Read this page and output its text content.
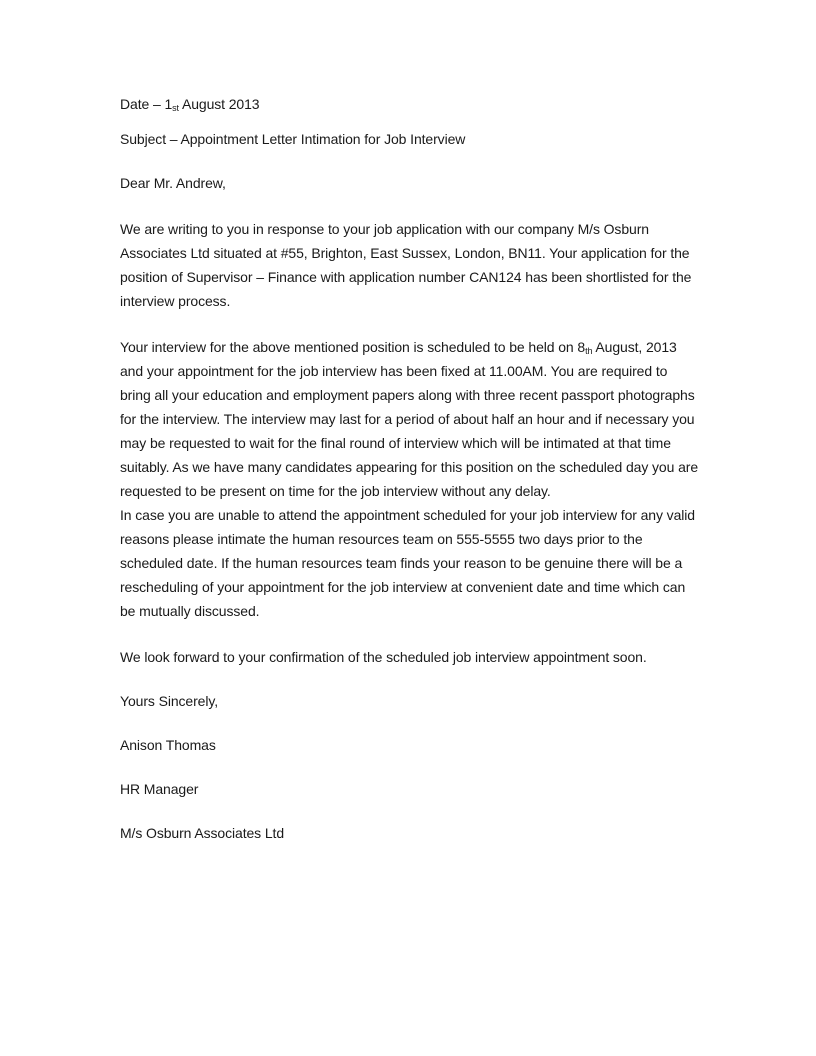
Date – 1st August 2013

Subject – Appointment Letter Intimation for Job Interview

Dear Mr. Andrew,

We are writing to you in response to your job application with our company M/s Osburn Associates Ltd situated at #55, Brighton, East Sussex, London, BN11. Your application for the position of Supervisor – Finance with application number CAN124 has been shortlisted for the interview process.

Your interview for the above mentioned position is scheduled to be held on 8th August, 2013 and your appointment for the job interview has been fixed at 11.00AM. You are required to bring all your education and employment papers along with three recent passport photographs for the interview. The interview may last for a period of about half an hour and if necessary you may be requested to wait for the final round of interview which will be intimated at that time suitably. As we have many candidates appearing for this position on the scheduled day you are requested to be present on time for the job interview without any delay.

In case you are unable to attend the appointment scheduled for your job interview for any valid reasons please intimate the human resources team on 555-5555 two days prior to the scheduled date. If the human resources team finds your reason to be genuine there will be a rescheduling of your appointment for the job interview at convenient date and time which can be mutually discussed.

We look forward to your confirmation of the scheduled job interview appointment soon.

Yours Sincerely,

Anison Thomas

HR Manager

M/s Osburn Associates Ltd
